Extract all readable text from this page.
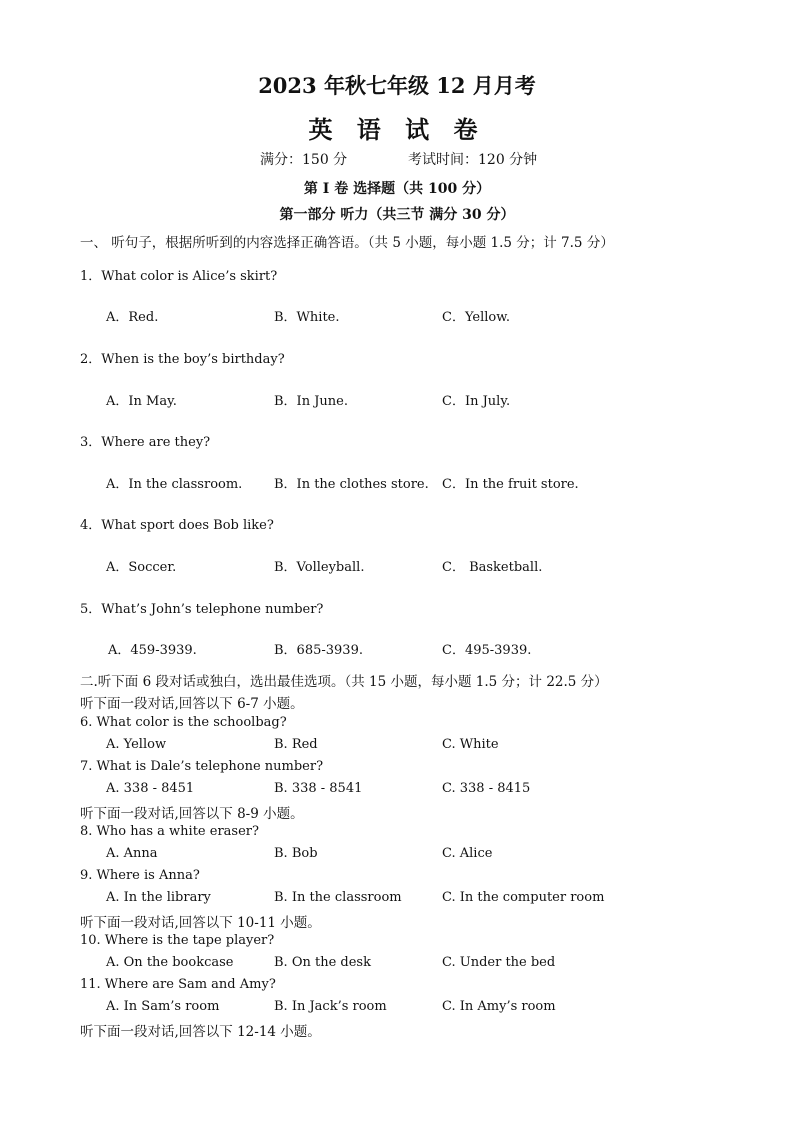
2023 年秋七年级 12 月月考
英 语 试 卷
满分：150 分	考试时间：120 分钟
第 I 卷 选择题（共 100 分）
第一部分 听力（共三节 满分 30 分）
一、 听句子，根据所听到的内容选择正确答语。（共 5 小题，每小题 1.5 分；计 7.5 分）
1．What color is Alice’s skirt?
A．Red.	B．White.	C．Yellow.
2．When is the boy’s birthday?
A．In May.	B．In June.	C．In July.
3．Where are they?
A．In the classroom. B．In the clothes store. C．In the fruit store.
4．What sport does Bob like?
A．Soccer.	B．Volleyball.	C． Basketball.
5．What’s John’s telephone number?
A．459-3939.	B．685-3939.	C．495-3939.
二.听下面 6 段对话或独白，选出最佳选项。（共 15 小题，每小题 1.5 分；计 22.5 分）
听下面一段对话,回答以下 6-7 小题。
6. What color is the schoolbag?
A. Yellow	B. Red	C. White
7. What is Dale’s telephone number?
A. 338 - 8451	B. 338 - 8541	C. 338 - 8415
听下面一段对话,回答以下 8-9 小题。
8. Who has a white eraser?
A. Anna	B. Bob	C. Alice
9. Where is Anna?
A. In the library	B. In the classroom	C. In the computer room
听下面一段对话,回答以下 10-11 小题。
10. Where is the tape player?
A. On the bookcase	B. On the desk	C. Under the bed
11. Where are Sam and Amy?
A. In Sam’s room	B. In Jack’s room	C. In Amy’s room
听下面一段对话,回答以下 12-14 小题。
